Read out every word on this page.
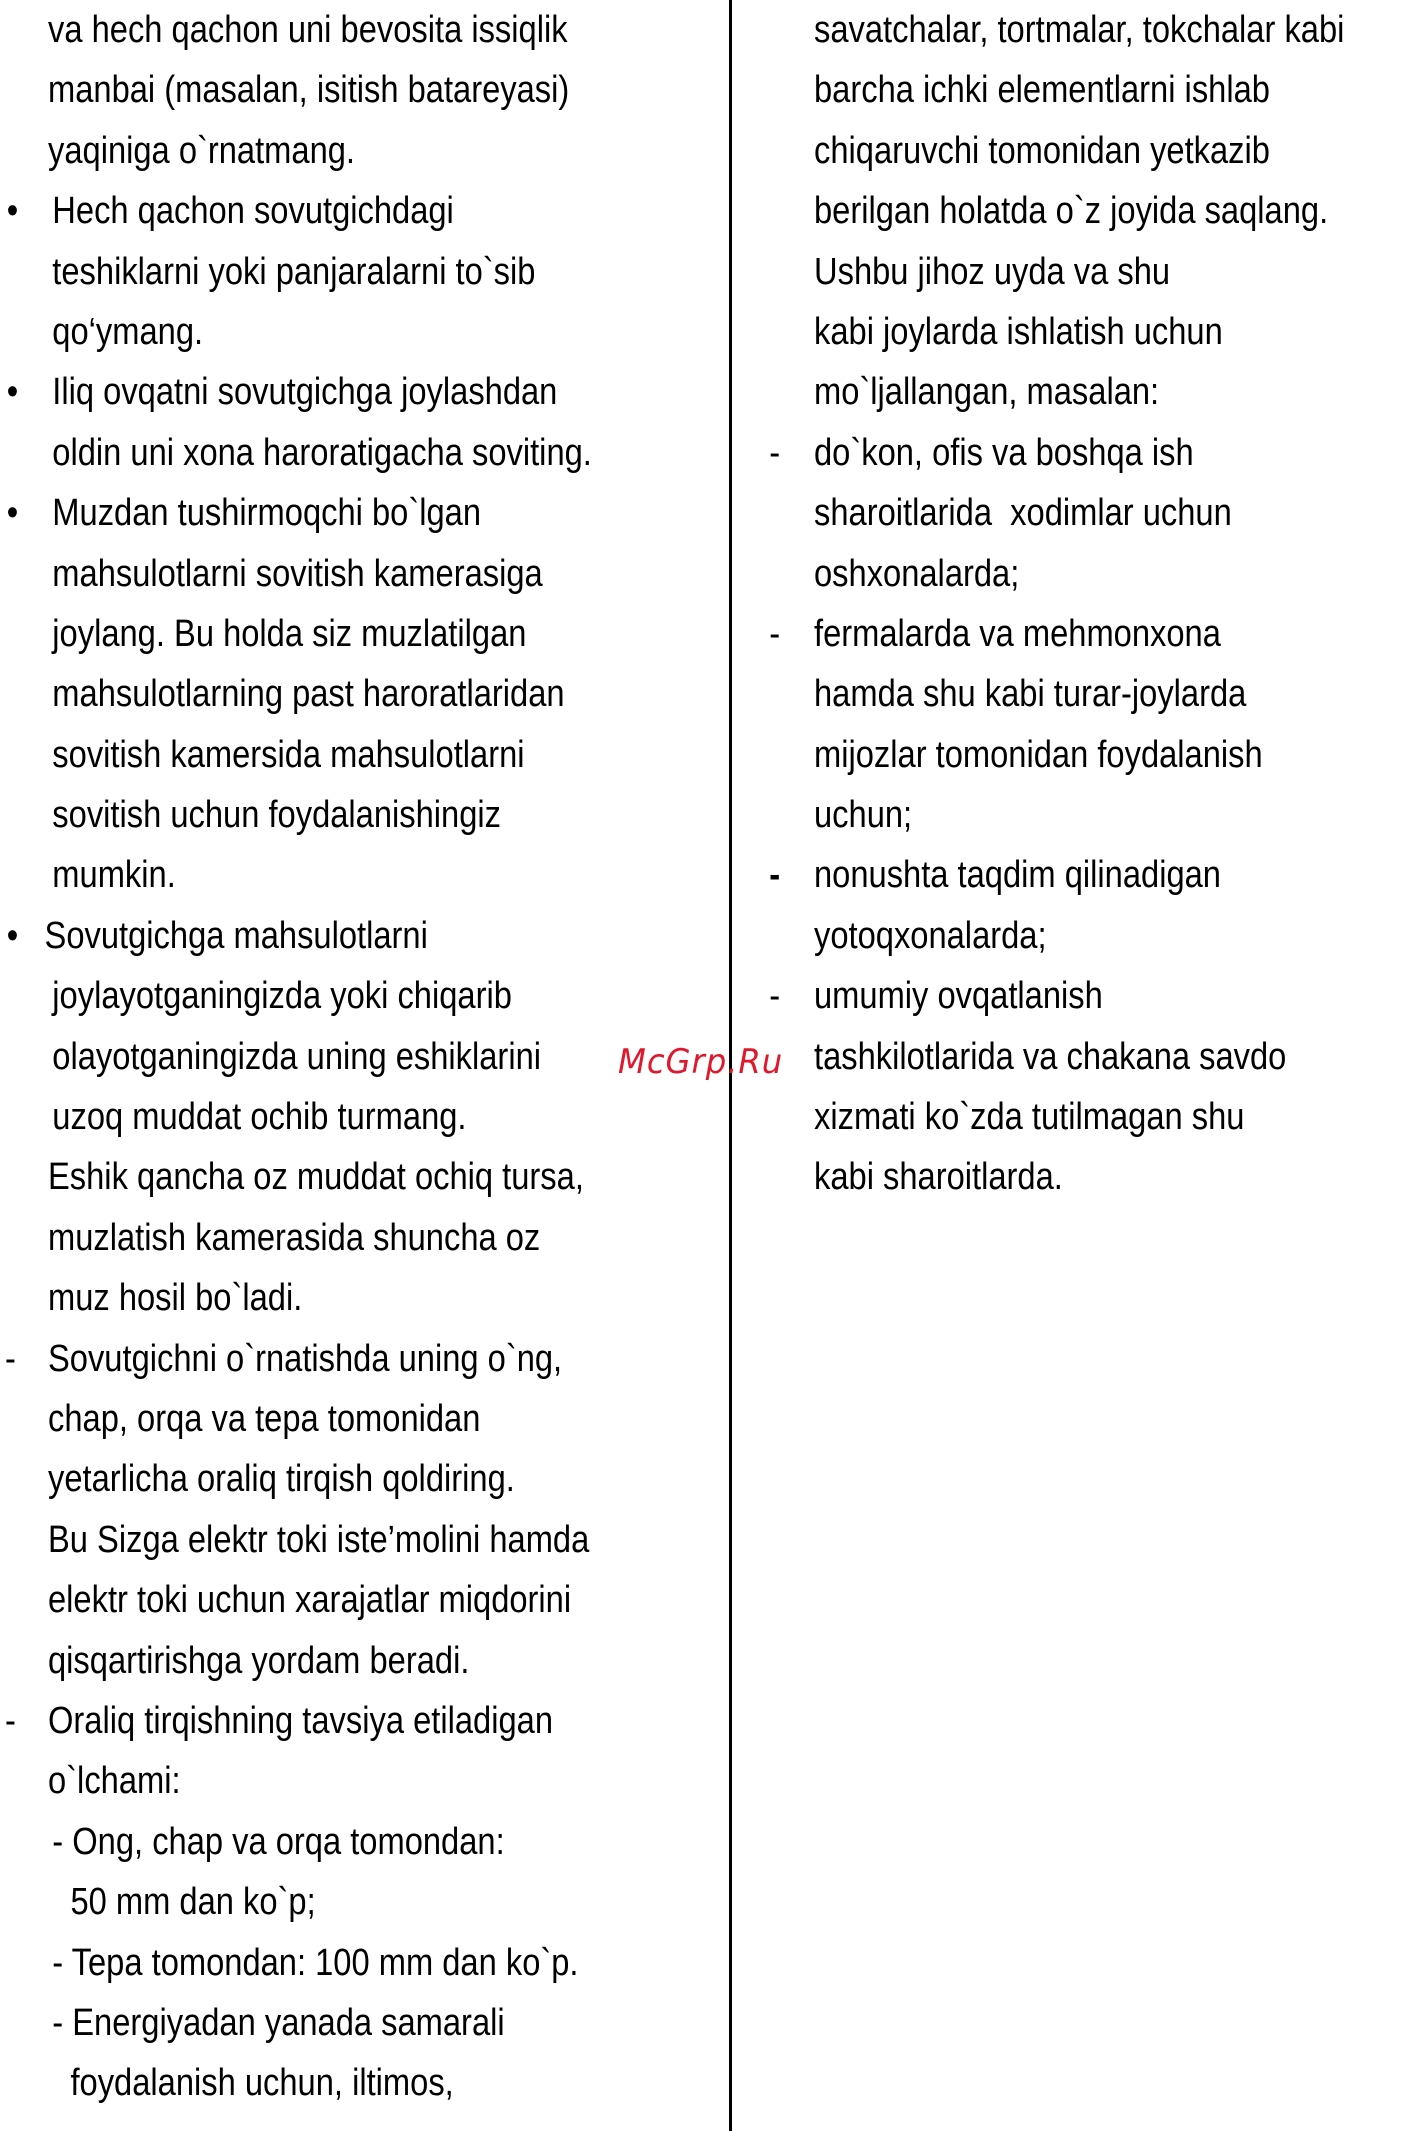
va hech qachon uni bevosita issiqlik
manbai (masalan, isitish batareyasi)
yaqiniga o`rnatmang.
• Hech qachon sovutgichdagi
teshiklarni yoki panjaralarni to`sib
qo‘ymang.
• Iliq ovqatni sovutgichga joylashdan
oldin uni xona haroratigacha soviting.
• Muzdan tushirmoqchi bo`lgan
mahsulotlarni sovitish kamerasiga
joylang. Bu holda siz muzlatilgan
mahsulotlarning past haroratlaridan
sovitish kamersida mahsulotlarni
sovitish uchun foydalanishingiz
mumkin.
• Sovutgichga mahsulotlarni
joylayotganingizda yoki chiqarib
olayotganingizda uning eshiklarini
uzoq muddat ochib turmang.
Eshik qancha oz muddat ochiq tursa,
muzlatish kamerasida shuncha oz
muz hosil bo`ladi.
- Sovutgichni o`rnatishda uning o`ng,
chap, orqa va tepa tomonidan
yetarlicha oraliq tirqish qoldiring.
Bu Sizga elektr toki iste’molini hamda
elektr toki uchun xarajatlar miqdorini
qisqartirishga yordam beradi.
- Oraliq tirqishning tavsiya etiladigan
o`lchami:
- Ong, chap va orqa tomondan:
50 mm dan ko`p;
- Tepa tomondan: 100 mm dan ko`p.
- Energiyadan yanada samarali
foydalanish uchun, iltimos,
savatchalar, tortmalar, tokchalar kabi
barcha ichki elementlarni ishlab
chiqaruvchi tomonidan yetkazib
berilgan holatda o`z joyida saqlang.
Ushbu jihoz uyda va shu
kabi joylarda ishlatish uchun
mo`ljallangan, masalan:
- do`kon, ofis va boshqa ish
sharoitlarida  xodimlar uchun
oshxonalarda;
- fermalarda va mehmonxona
hamda shu kabi turar-joylarda
mijozlar tomonidan foydalanish
uchun;
- nonushta taqdim qilinadigan
yotoqxonalarda;
- umumiy ovqatlanish
tashkilotlarida va chakana savdo
xizmati ko`zda tutilmagan shu
kabi sharoitlarda.
McGrp.Ru
